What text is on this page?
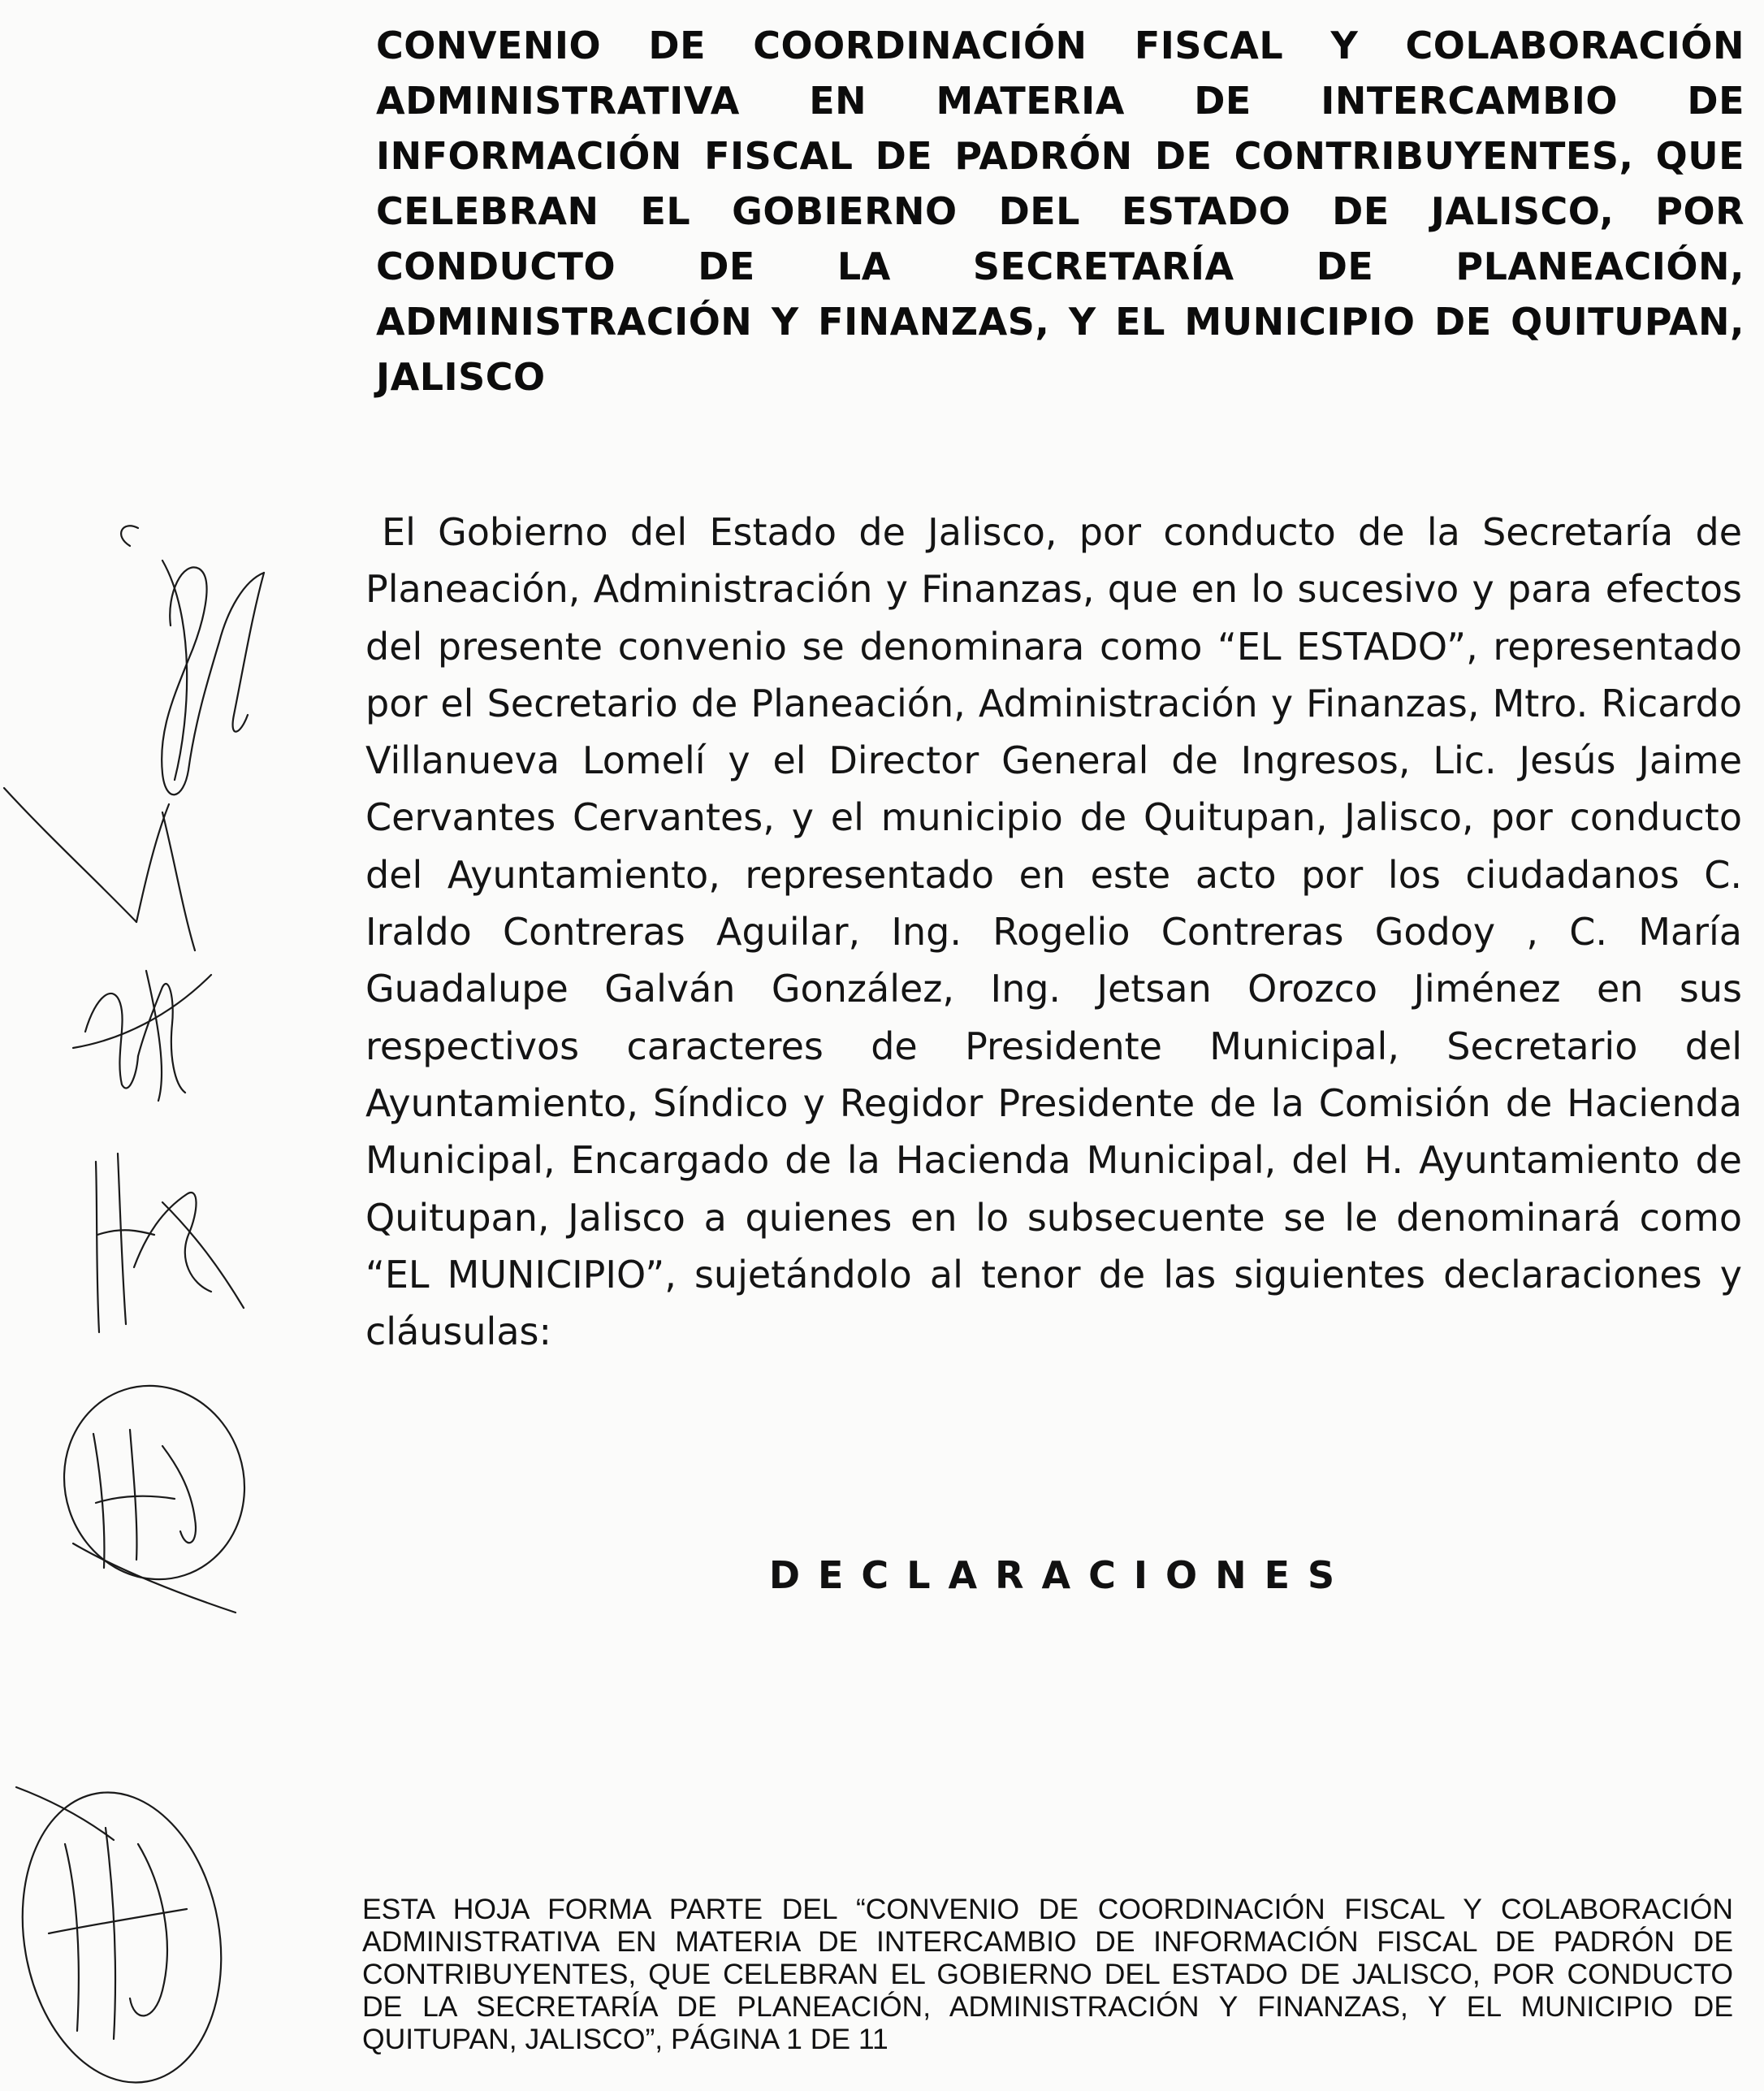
CONVENIO DE COORDINACIÓN FISCAL Y COLABORACIÓN ADMINISTRATIVA EN MATERIA DE INTERCAMBIO DE INFORMACIÓN FISCAL DE PADRÓN DE CONTRIBUYENTES, QUE CELEBRAN EL GOBIERNO DEL ESTADO DE JALISCO, POR CONDUCTO DE LA SECRETARÍA DE PLANEACIÓN, ADMINISTRACIÓN Y FINANZAS, Y EL MUNICIPIO DE QUITUPAN, JALISCO
El Gobierno del Estado de Jalisco, por conducto de la Secretaría de Planeación, Administración y Finanzas, que en lo sucesivo y para efectos del presente convenio se denominara como “EL ESTADO”, representado por el Secretario de Planeación, Administración y Finanzas, Mtro. Ricardo Villanueva Lomelí y el Director General de Ingresos, Lic. Jesús Jaime Cervantes Cervantes, y el municipio de Quitupan, Jalisco, por conducto del Ayuntamiento, representado en este acto por los ciudadanos C. Iraldo Contreras Aguilar, Ing. Rogelio Contreras Godoy , C. María Guadalupe Galván González, Ing. Jetsan Orozco Jiménez en sus respectivos caracteres de Presidente Municipal, Secretario del Ayuntamiento, Síndico y Regidor Presidente de la Comisión de Hacienda Municipal, Encargado de la Hacienda Municipal, del H. Ayuntamiento de Quitupan, Jalisco a quienes en lo subsecuente se le denominará como “EL MUNICIPIO”, sujetándolo al tenor de las siguientes declaraciones y cláusulas:
DECLARACIONES
ESTA HOJA FORMA PARTE DEL “CONVENIO DE COORDINACIÓN FISCAL Y COLABORACIÓN ADMINISTRATIVA EN MATERIA DE INTERCAMBIO DE INFORMACIÓN FISCAL DE PADRÓN DE CONTRIBUYENTES, QUE CELEBRAN EL GOBIERNO DEL ESTADO DE JALISCO, POR CONDUCTO DE LA SECRETARÍA DE PLANEACIÓN, ADMINISTRACIÓN Y FINANZAS, Y EL MUNICIPIO DE QUITUPAN, JALISCO”, PÁGINA 1 DE 11
